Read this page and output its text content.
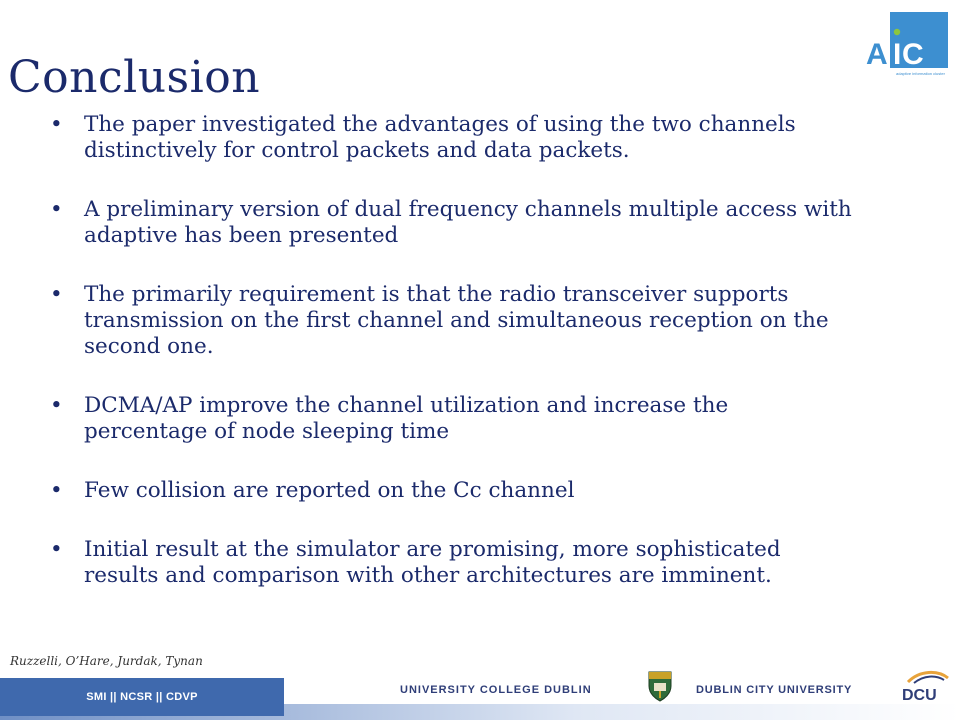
Conclusion	A I C
adaptive information cluster
• The paper investigated the advantages of using the two channels distinctively for control packets and data packets.
• A preliminary version of dual frequency channels multiple access with adaptive has been presented
• The primarily requirement is that the radio transceiver supports transmission on the first channel and simultaneous reception on the second one.
• DCMA/AP improve the channel utilization and increase the percentage of node sleeping time
• Few collision are reported on the Cc channel
• Initial result at the simulator are promising, more sophisticated results and comparison with other architectures are imminent.
Ruzzelli, O’Hare, Jurdak, Tynan
SMI || NCSR || CDVP
UNIVERSITY COLLEGE DUBLIN	DUBLIN CITY UNIVERSITY	DCU
